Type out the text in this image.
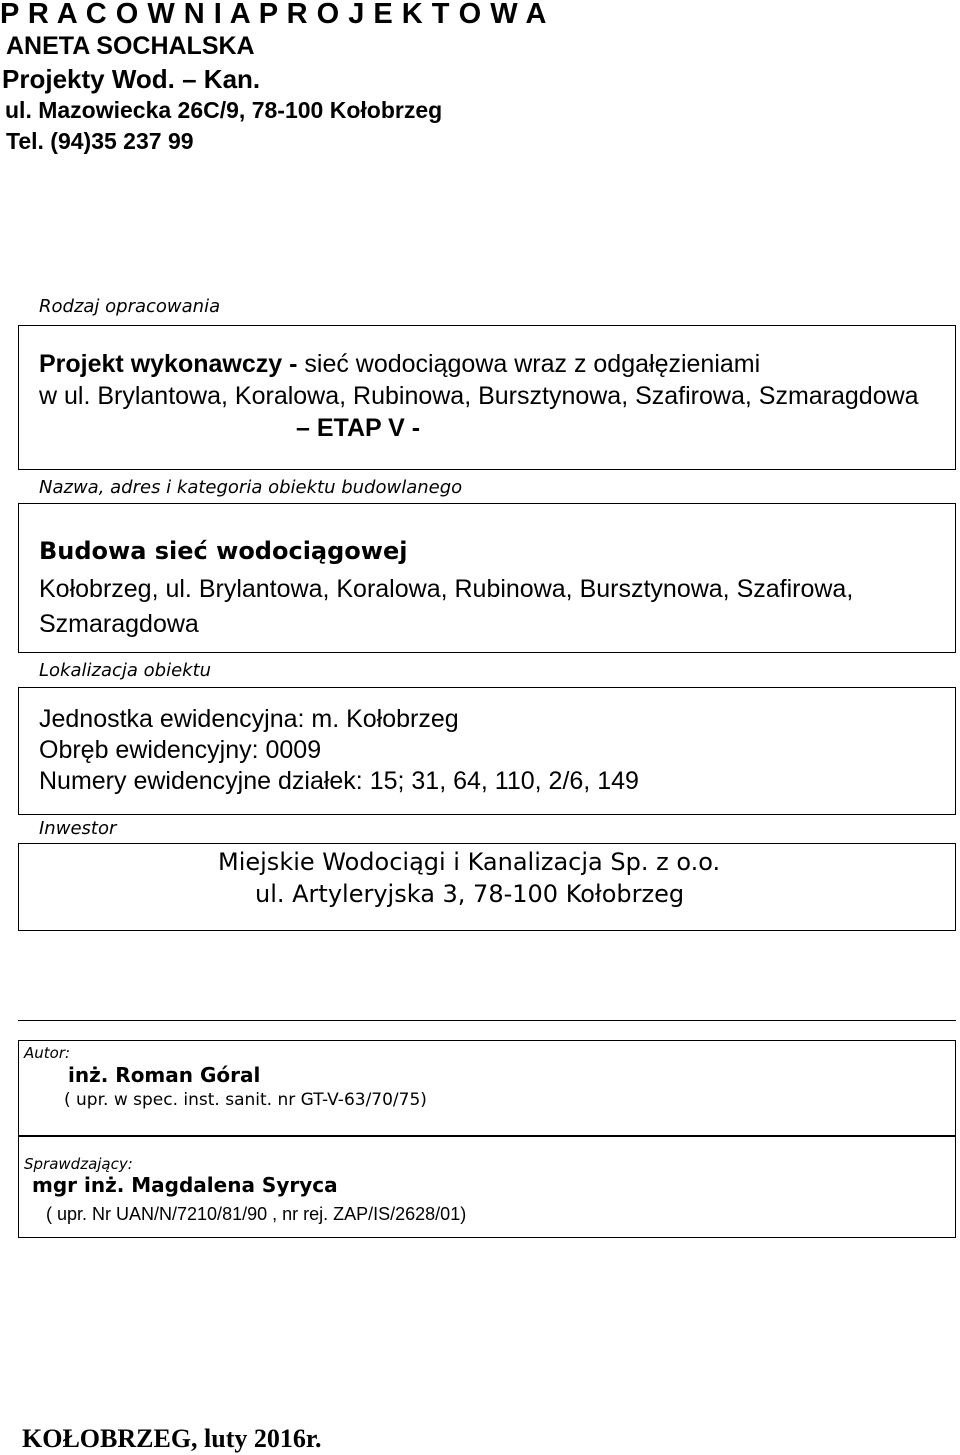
P R A C O W N I A P R O J E K T O W A
ANETA SOCHALSKA
Projekty Wod. – Kan.
ul. Mazowiecka 26C/9, 78-100 Kołobrzeg
Tel. (94)35 237 99
Rodzaj opracowania
Projekt wykonawczy - sieć wodociągowa wraz z odgałęzieniami
w ul. Brylantowa, Koralowa, Rubinowa, Bursztynowa, Szafirowa, Szmaragdowa
– ETAP V -
Nazwa, adres i kategoria obiektu budowlanego
Budowa sieć wodociągowej
Kołobrzeg, ul. Brylantowa, Koralowa, Rubinowa, Bursztynowa, Szafirowa,
Szmaragdowa
Lokalizacja obiektu
Jednostka ewidencyjna: m. Kołobrzeg
Obręb ewidencyjny: 0009
Numery ewidencyjne działek: 15; 31, 64, 110, 2/6, 149
Inwestor
Miejskie Wodociągi i Kanalizacja Sp. z o.o.
ul. Artyleryjska 3, 78-100 Kołobrzeg
Autor:
inż. Roman Góral
( upr. w spec. inst. sanit. nr GT-V-63/70/75)
Sprawdzający:
mgr inż. Magdalena Syryca
( upr. Nr UAN/N/7210/81/90 , nr rej. ZAP/IS/2628/01)
KOŁOBRZEG, luty 2016r.
